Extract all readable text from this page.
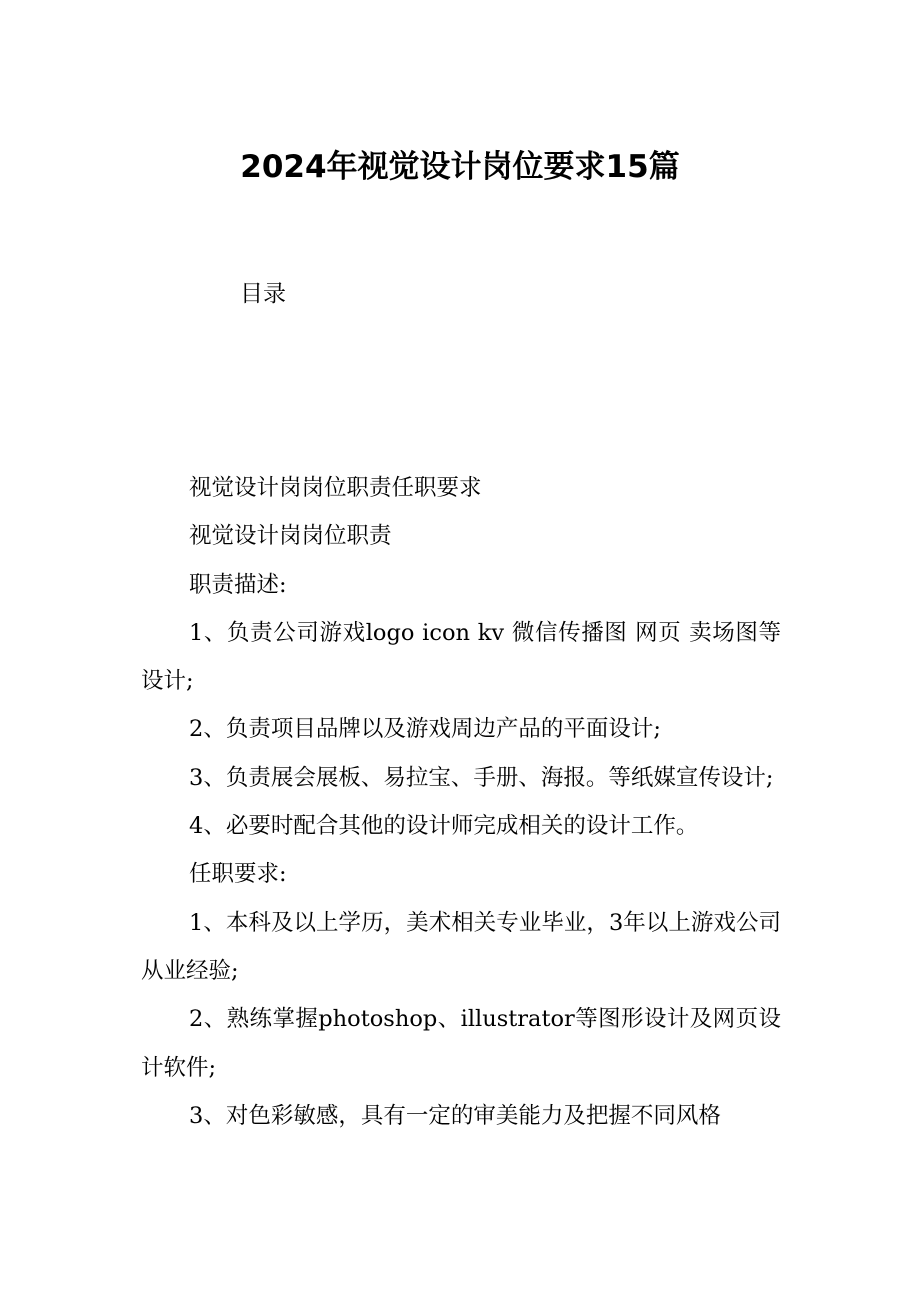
2024年视觉设计岗位要求15篇

目录

视觉设计岗岗位职责任职要求

视觉设计岗岗位职责

职责描述:

1、负责公司游戏logo icon kv 微信传播图 网页 卖场图等设计;

2、负责项目品牌以及游戏周边产品的平面设计;

3、负责展会展板、易拉宝、手册、海报。等纸媒宣传设计;

4、必要时配合其他的设计师完成相关的设计工作。

任职要求:

1、本科及以上学历，美术相关专业毕业，3年以上游戏公司从业经验;

2、熟练掌握photoshop、illustrator等图形设计及网页设计软件;

3、对色彩敏感，具有一定的审美能力及把握不同风格
